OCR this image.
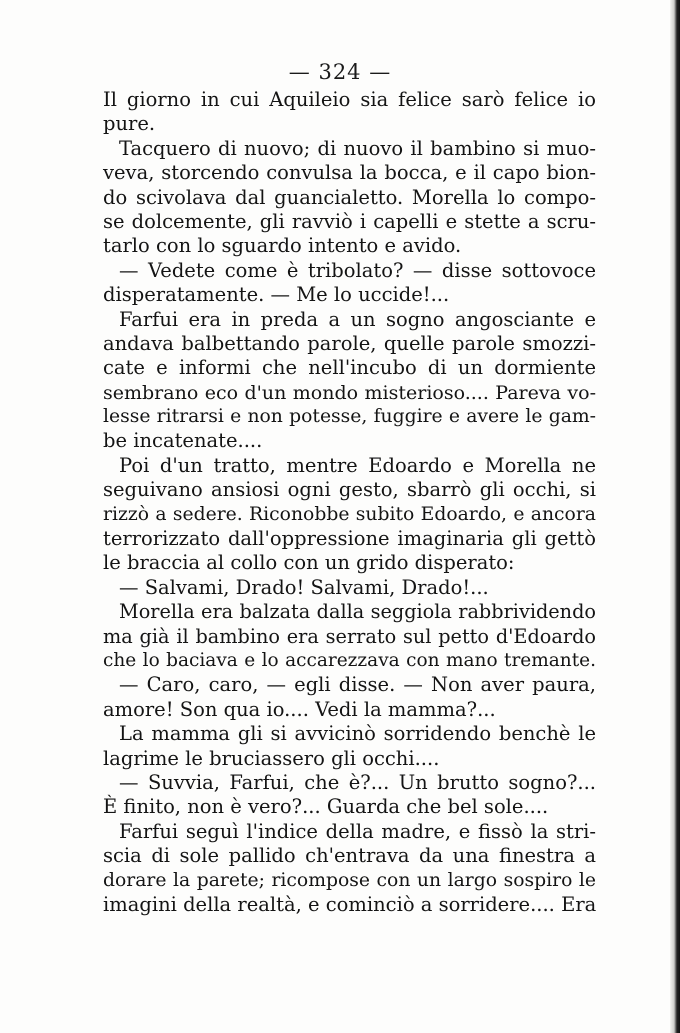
— 324 —
Il giorno in cui Aquileio sia felice sarò felice io
pure.
Tacquero di nuovo; di nuovo il bambino si muo-
veva, storcendo convulsa la bocca, e il capo bion-
do scivolava dal guancialetto. Morella lo compo-
se dolcemente, gli ravviò i capelli e stette a scru-
tarlo con lo sguardo intento e avido.
— Vedete come è tribolato? — disse sottovoce
disperatamente. — Me lo uccide!...
Farfui era in preda a un sogno angosciante e
andava balbettando parole, quelle parole smozzi-
cate e informi che nell'incubo di un dormiente
sembrano eco d'un mondo misterioso.... Pareva vo-
lesse ritrarsi e non potesse, fuggire e avere le gam-
be incatenate....
Poi d'un tratto, mentre Edoardo e Morella ne
seguivano ansiosi ogni gesto, sbarrò gli occhi, si
rizzò a sedere. Riconobbe subito Edoardo, e ancora
terrorizzato dall'oppressione imaginaria gli gettò
le braccia al collo con un grido disperato:
— Salvami, Drado! Salvami, Drado!...
Morella era balzata dalla seggiola rabbrividendo
ma già il bambino era serrato sul petto d'Edoardo
che lo baciava e lo accarezzava con mano tremante.
— Caro, caro, — egli disse. — Non aver paura,
amore! Son qua io.... Vedi la mamma?...
La mamma gli si avvicinò sorridendo benchè le
lagrime le bruciassero gli occhi....
— Suvvia, Farfui, che è?... Un brutto sogno?...
È finito, non è vero?... Guarda che bel sole....
Farfui seguì l'indice della madre, e fissò la stri-
scia di sole pallido ch'entrava da una finestra a
dorare la parete; ricompose con un largo sospiro le
imagini della realtà, e cominciò a sorridere.... Era
